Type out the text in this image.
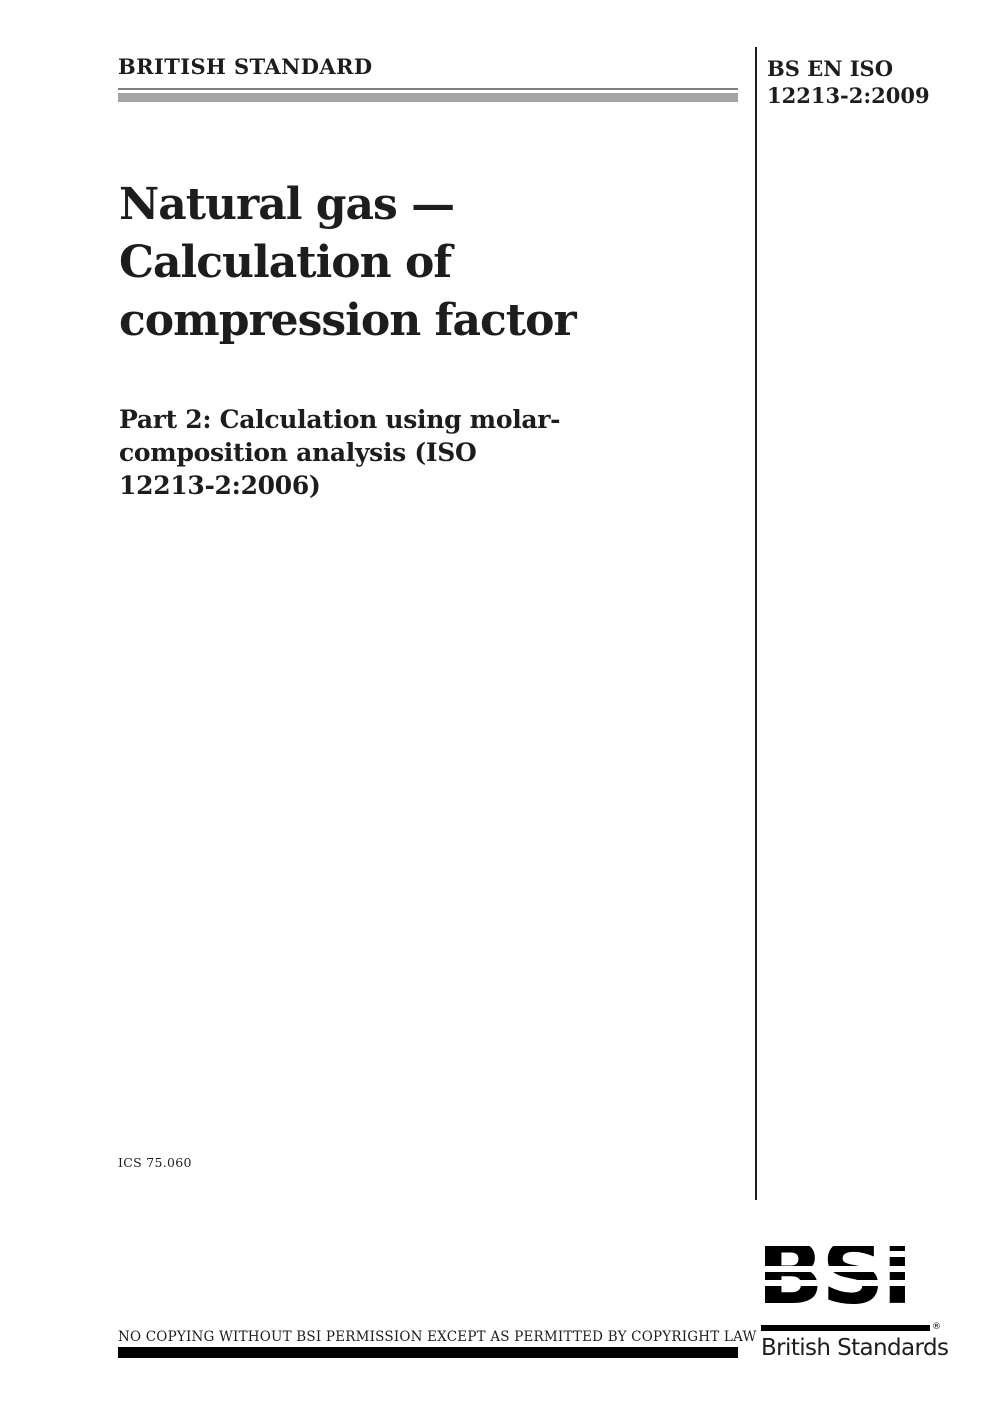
BRITISH STANDARD	BS EN ISO
12213-2:2009
Natural gas —
Calculation of
compression factor
Part 2: Calculation using molar-
composition analysis (ISO
12213-2:2006)
ICS 75.060
NO COPYING WITHOUT BSI PERMISSION EXCEPT AS PERMITTED BY COPYRIGHT LAW
®
British Standards
